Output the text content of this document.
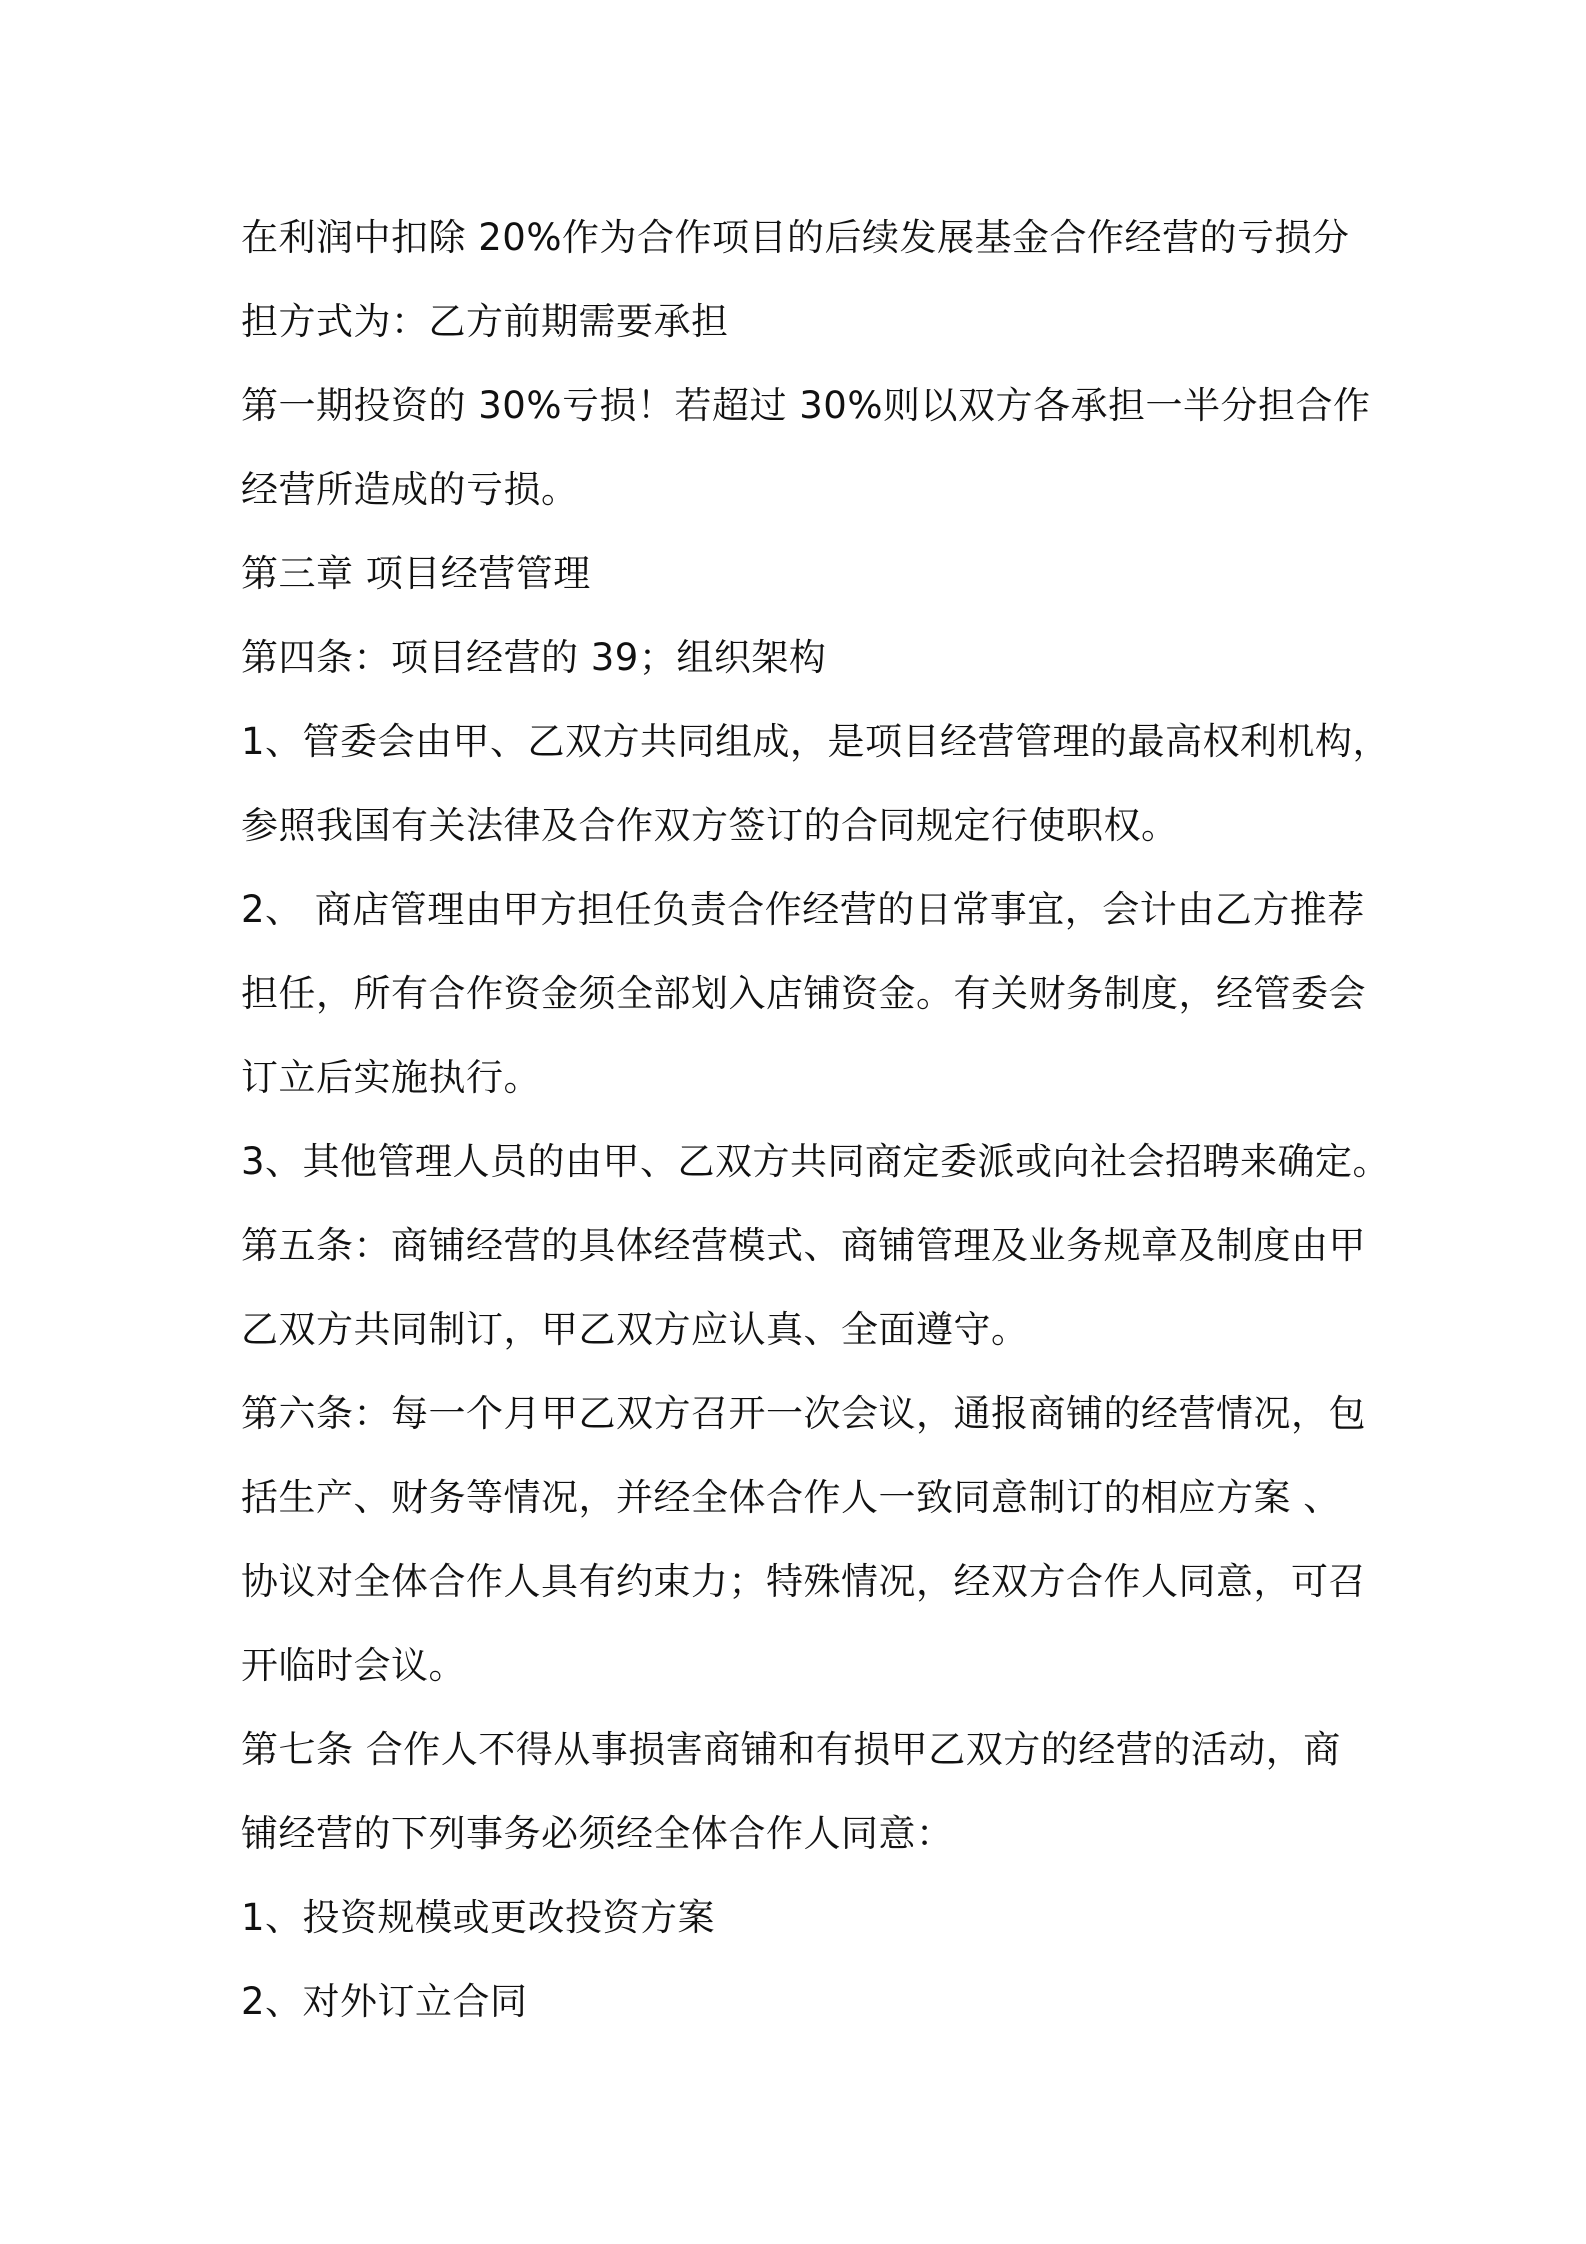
在利润中扣除 20%作为合作项目的后续发展基金合作经营的亏损分
担方式为：乙方前期需要承担
第一期投资的 30%亏损！若超过 30%则以双方各承担一半分担合作
经营所造成的亏损。
第三章 项目经营管理
第四条：项目经营的 39；组织架构
1、管委会由甲、乙双方共同组成，是项目经营管理的最高权利机构，
参照我国有关法律及合作双方签订的合同规定行使职权。
2、 商店管理由甲方担任负责合作经营的日常事宜，会计由乙方推荐
担任，所有合作资金须全部划入店铺资金。有关财务制度，经管委会
订立后实施执行。
3、其他管理人员的由甲、乙双方共同商定委派或向社会招聘来确定。
第五条：商铺经营的具体经营模式、商铺管理及业务规章及制度由甲
乙双方共同制订，甲乙双方应认真、全面遵守。
第六条：每一个月甲乙双方召开一次会议，通报商铺的经营情况，包
括生产、财务等情况，并经全体合作人一致同意制订的相应方案 、
协议对全体合作人具有约束力；特殊情况，经双方合作人同意，可召
开临时会议。
第七条 合作人不得从事损害商铺和有损甲乙双方的经营的活动，商
铺经营的下列事务必须经全体合作人同意：
1、投资规模或更改投资方案
2、对外订立合同
